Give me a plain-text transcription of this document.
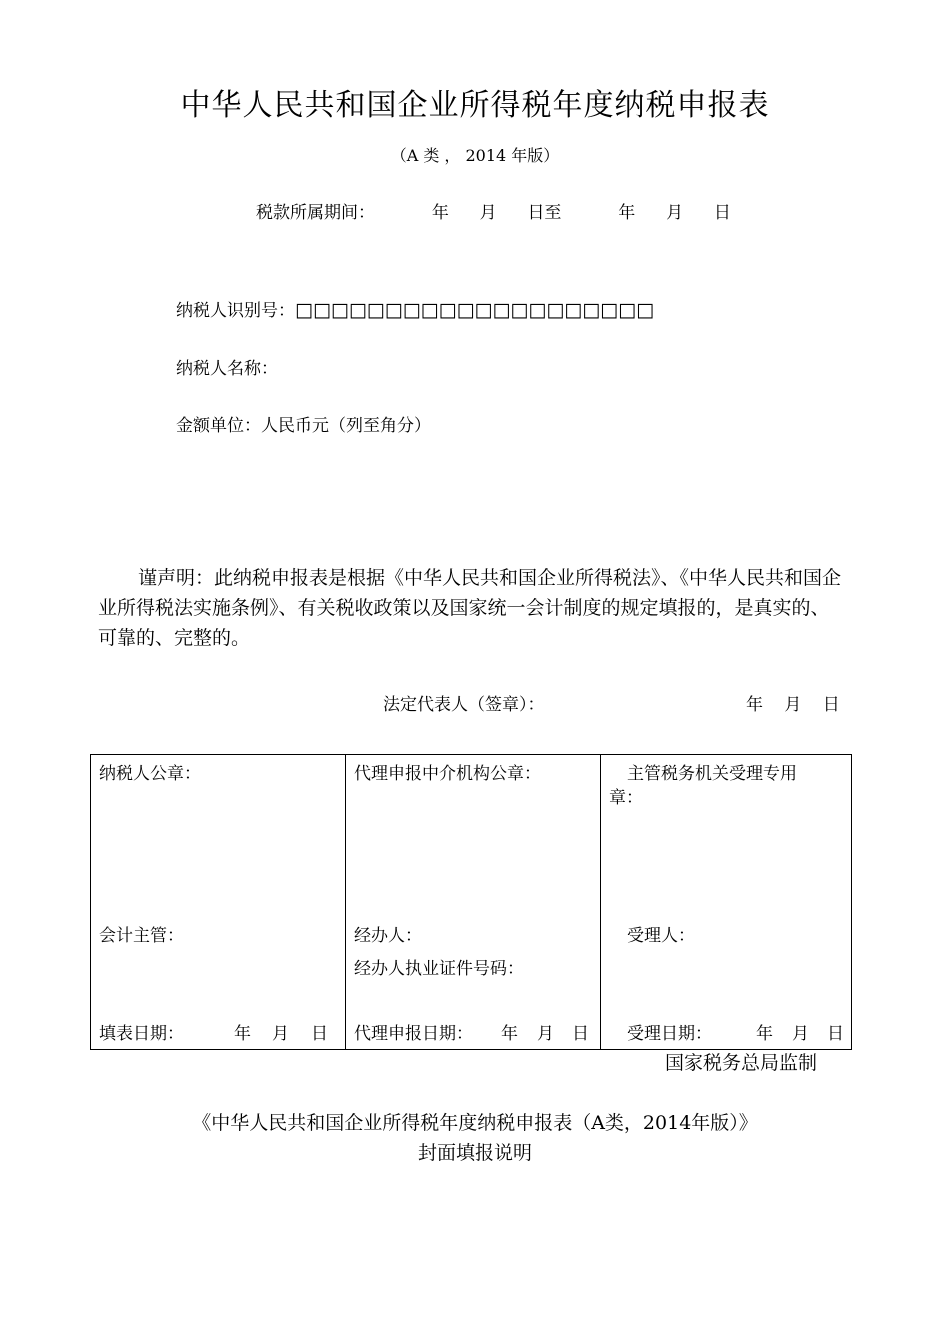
中华人民共和国企业所得税年度纳税申报表
（A 类 ， 2014 年版）
税款所属期间：	年 月 日至	年 月 日
纳税人识别号：□□□□□□□□□□□□□□□□□□□□
纳税人名称：
金额单位：人民币元（列至角分）
谨声明：此纳税申报表是根据《中华人民共和国企业所得税法》、《中华人民共和国企业所得税法实施条例》、有关税收政策以及国家统一会计制度的规定填报的，是真实的、可靠的、完整的。
法定代表人（签章）：	年 月 日
纳税人公章：
会计主管：
填表日期：	年 月 日

代理申报中介机构公章：
经办人：
经办人执业证件号码：
代理申报日期： 年 月 日

主管税务机关受理专用
章：
受理人：
受理日期：	年 月 日
国家税务总局监制
《中华人民共和国企业所得税年度纳税申报表（A类，2014年版）》
封面填报说明
